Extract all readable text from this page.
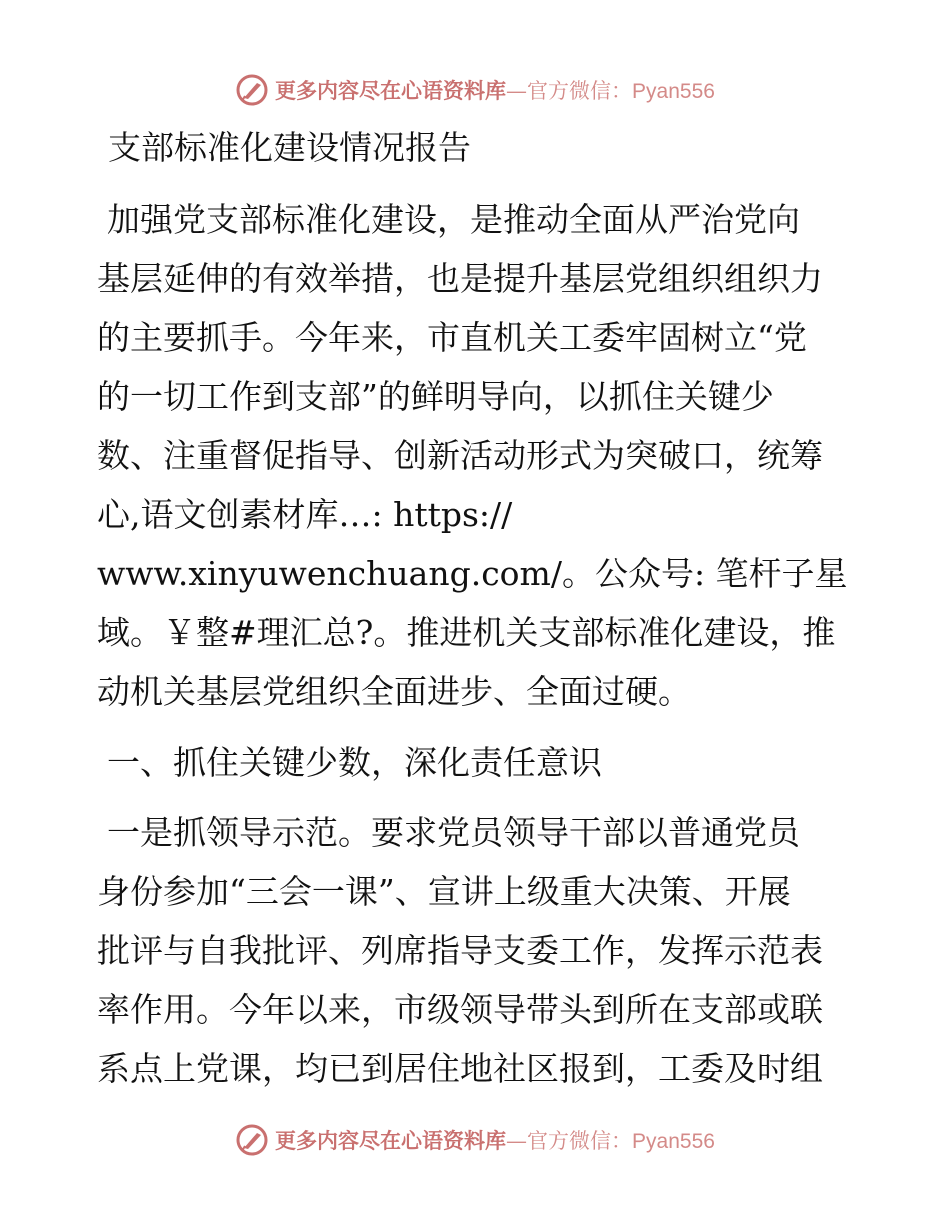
更多内容尽在心语资料库—官方微信：Pyan556
支部标准化建设情况报告

加强党支部标准化建设，是推动全面从严治党向
基层延伸的有效举措，也是提升基层党组织组织力
的主要抓手。今年来，市直机关工委牢固树立“党
的一切工作到支部”的鲜明导向，以抓住关键少
数、注重督促指导、创新活动形式为突破口，统筹
心,语文创素材库…: https://
www.xinyuwenchuang.com/。公众号: 笔杆子星
域。￥整#理汇总?。推进机关支部标准化建设，推
动机关基层党组织全面进步、全面过硬。

一、抓住关键少数，深化责任意识

一是抓领导示范。要求党员领导干部以普通党员
身份参加“三会一课”、宣讲上级重大决策、开展
批评与自我批评、列席指导支委工作，发挥示范表
率作用。今年以来，市级领导带头到所在支部或联
系点上党课，均已到居住地社区报到，工委及时组

更多内容尽在心语资料库—官方微信：Pyan556
